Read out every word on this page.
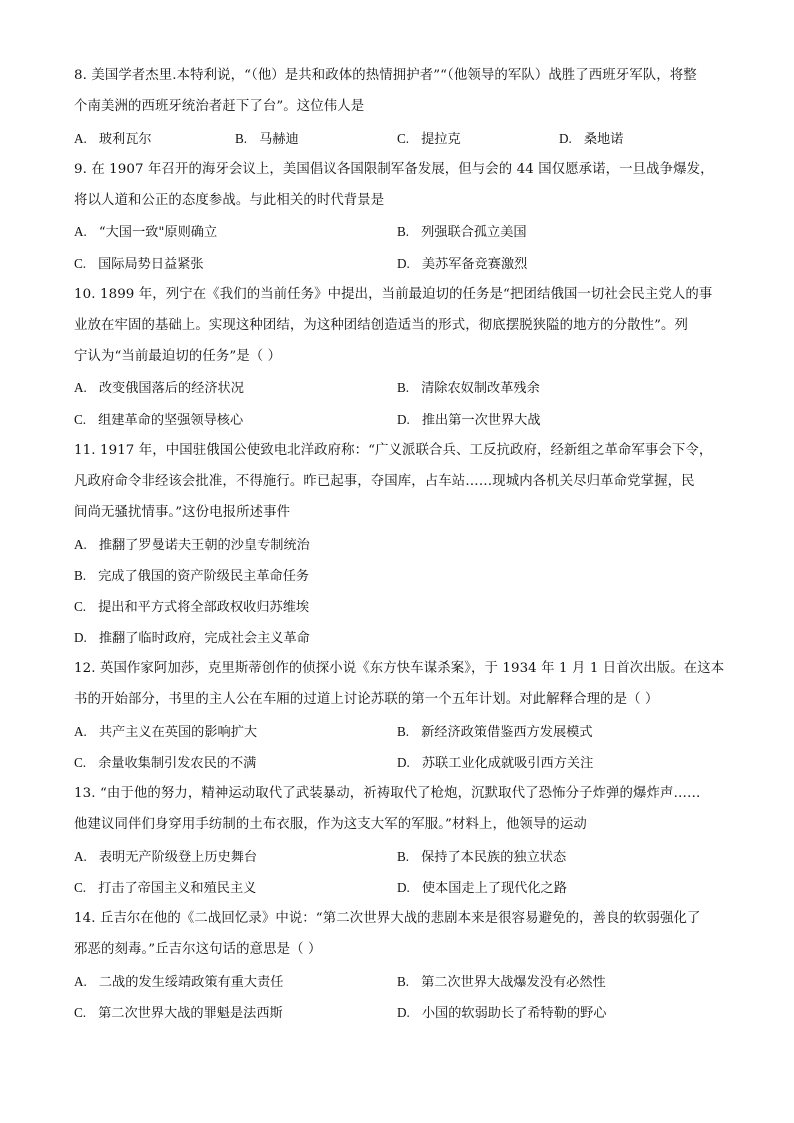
8. 美国学者杰里.本特利说，“（他）是共和政体的热情拥护者”“（他领导的军队）战胜了西班牙军队，将整
个南美洲的西班牙统治者赶下了台”。这位伟人是
A. 玻利瓦尔	B. 马赫迪	C. 提拉克	D. 桑地诺
9. 在 1907 年召开的海牙会议上，美国倡议各国限制军备发展，但与会的 44 国仅愿承诺，一旦战争爆发，
将以人道和公正的态度参战。与此相关的时代背景是
A. “大国一致"原则确立	B. 列强联合孤立美国
C. 国际局势日益紧张	D. 美苏军备竞赛激烈
10. 1899 年，列宁在《我们的当前任务》中提出，当前最迫切的任务是“把团结俄国一切社会民主党人的事
业放在牢固的基础上。实现这种团结，为这种团结创造适当的形式，彻底摆脱狭隘的地方的分散性”。列
宁认为“当前最迫切的任务”是（ ）
A. 改变俄国落后的经济状况	B. 清除农奴制改革残余
C. 组建革命的坚强领导核心	D. 推出第一次世界大战
11. 1917 年，中国驻俄国公使致电北洋政府称：“广义派联合兵、工反抗政府，经新组之革命军事会下令，
凡政府命令非经该会批准，不得施行。昨已起事，夺国库，占车站……现城内各机关尽归革命党掌握，民
间尚无骚扰情事。”这份电报所述事件
A. 推翻了罗曼诺夫王朝的沙皇专制统治
B. 完成了俄国的资产阶级民主革命任务
C. 提出和平方式将全部政权收归苏维埃
D. 推翻了临时政府，完成社会主义革命
12. 英国作家阿加莎，克里斯蒂创作的侦探小说《东方快车谋杀案》，于 1934 年 1 月 1 日首次出版。在这本
书的开始部分，书里的主人公在车厢的过道上讨论苏联的第一个五年计划。对此解释合理的是（ ）
A. 共产主义在英国的影响扩大	B. 新经济政策借鉴西方发展模式
C. 余量收集制引发农民的不满	D. 苏联工业化成就吸引西方关注
13. “由于他的努力，精神运动取代了武装暴动，祈祷取代了枪炮，沉默取代了恐怖分子炸弹的爆炸声……
他建议同伴们身穿用手纺制的土布衣服，作为这支大军的军服。”材料上，他领导的运动
A. 表明无产阶级登上历史舞台	B. 保持了本民族的独立状态
C. 打击了帝国主义和殖民主义	D. 使本国走上了现代化之路
14. 丘吉尔在他的《二战回忆录》中说：“第二次世界大战的悲剧本来是很容易避免的，善良的软弱强化了
邪恶的刻毒。”丘吉尔这句话的意思是（ ）
A. 二战的发生绥靖政策有重大责任	B. 第二次世界大战爆发没有必然性
C. 第二次世界大战的罪魁是法西斯	D. 小国的软弱助长了希特勒的野心
